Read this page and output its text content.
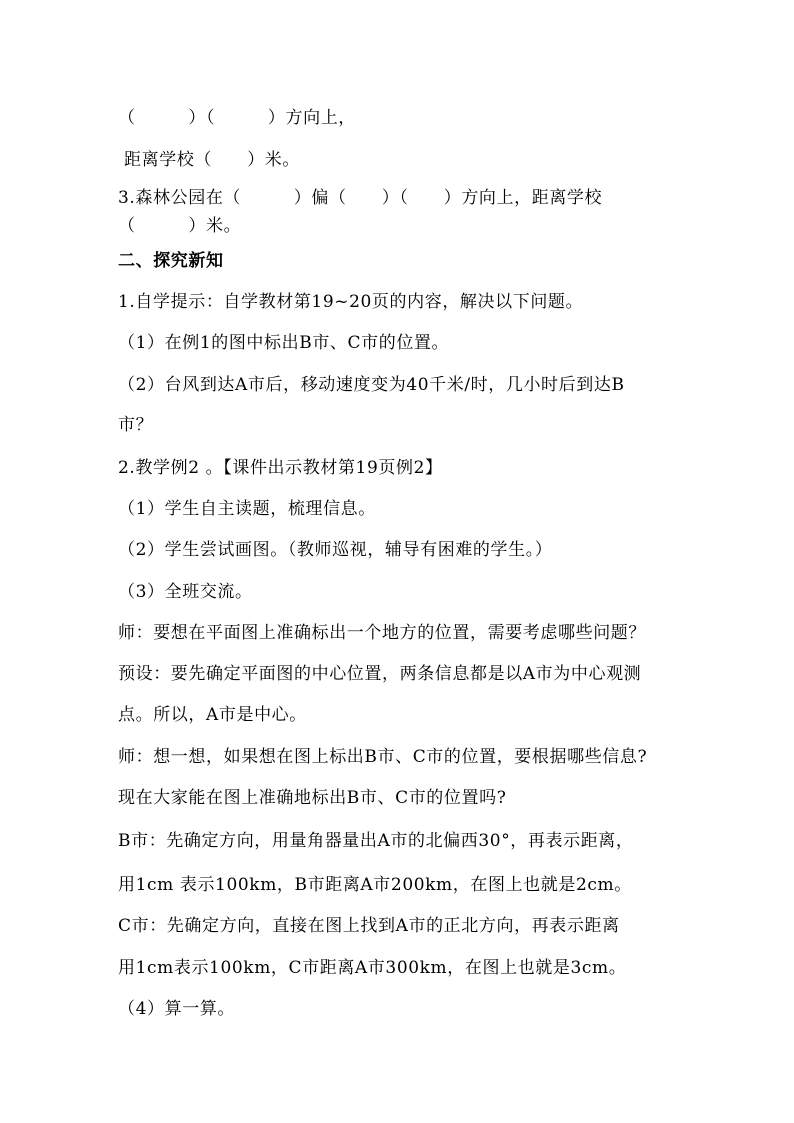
（　　　）（　　　）方向上，
距离学校（　　）米。
3.森林公园在（　　　）偏（　　）（　　）方向上，距离学校
（　　　）米。
二、探究新知
1.自学提示：自学教材第19~20页的内容，解决以下问题。
（1）在例1的图中标出B市、C市的位置。
（2）台风到达A市后，移动速度变为40千米/时，几小时后到达B
市？
2.教学例2 。【课件出示教材第19页例2】
（1）学生自主读题，梳理信息。
（2）学生尝试画图。（教师巡视，辅导有困难的学生。）
（3）全班交流。
师：要想在平面图上准确标出一个地方的位置，需要考虑哪些问题？
预设：要先确定平面图的中心位置，两条信息都是以A市为中心观测
点。所以，A市是中心。
师：想一想，如果想在图上标出B市、C市的位置，要根据哪些信息?
现在大家能在图上准确地标出B市、C市的位置吗?
B市：先确定方向，用量角器量出A市的北偏西30°，再表示距离，
用1cm 表示100km，B市距离A市200km，在图上也就是2cm。
C市：先确定方向，直接在图上找到A市的正北方向，再表示距离
用1cm表示100km，C市距离A市300km，在图上也就是3cm。
（4）算一算。
